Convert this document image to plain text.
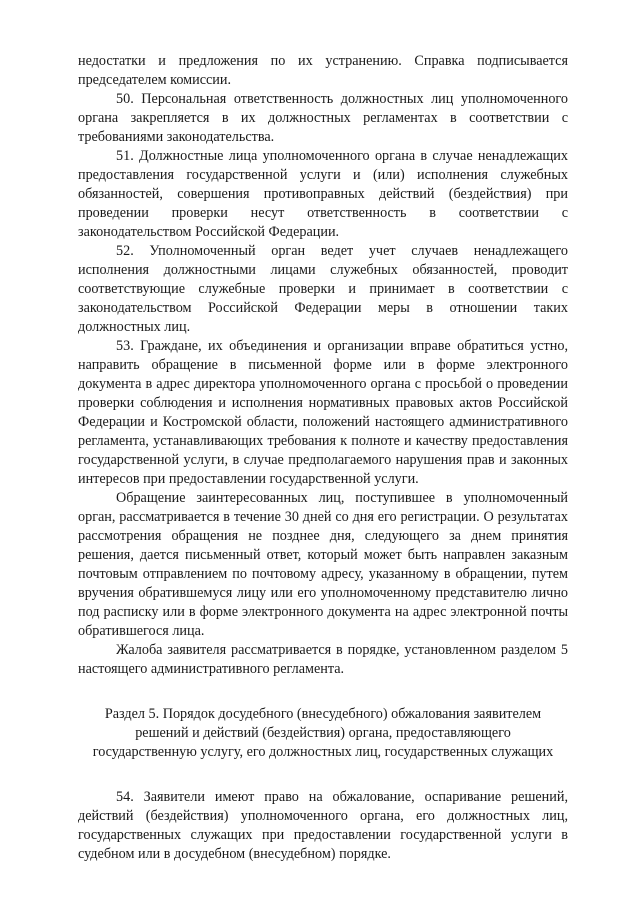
недостатки и предложения по их устранению. Справка подписывается председателем комиссии.

50. Персональная ответственность должностных лиц уполномоченного органа закрепляется в их должностных регламентах в соответствии с требованиями законодательства.

51. Должностные лица уполномоченного органа в случае ненадлежащих предоставления государственной услуги и (или) исполнения служебных обязанностей, совершения противоправных действий (бездействия) при проведении проверки несут ответственность в соответствии с законодательством Российской Федерации.

52. Уполномоченный орган ведет учет случаев ненадлежащего исполнения должностными лицами служебных обязанностей, проводит соответствующие служебные проверки и принимает в соответствии с законодательством Российской Федерации меры в отношении таких должностных лиц.

53. Граждане, их объединения и организации вправе обратиться устно, направить обращение в письменной форме или в форме электронного документа в адрес директора уполномоченного органа с просьбой о проведении проверки соблюдения и исполнения нормативных правовых актов Российской Федерации и Костромской области, положений настоящего административного регламента, устанавливающих требования к полноте и качеству предоставления государственной услуги, в случае предполагаемого нарушения прав и законных интересов при предоставлении государственной услуги.

Обращение заинтересованных лиц, поступившее в уполномоченный орган, рассматривается в течение 30 дней со дня его регистрации. О результатах рассмотрения обращения не позднее дня, следующего за днем принятия решения, дается письменный ответ, который может быть направлен заказным почтовым отправлением по почтовому адресу, указанному в обращении, путем вручения обратившемуся лицу или его уполномоченному представителю лично под расписку или в форме электронного документа на адрес электронной почты обратившегося лица.

Жалоба заявителя рассматривается в порядке, установленном разделом 5 настоящего административного регламента.

Раздел 5. Порядок досудебного (внесудебного) обжалования заявителем решений и действий (бездействия) органа, предоставляющего государственную услугу, его должностных лиц, государственных служащих

54. Заявители имеют право на обжалование, оспаривание решений, действий (бездействия) уполномоченного органа, его должностных лиц, государственных служащих при предоставлении государственной услуги в судебном или в досудебном (внесудебном) порядке.
